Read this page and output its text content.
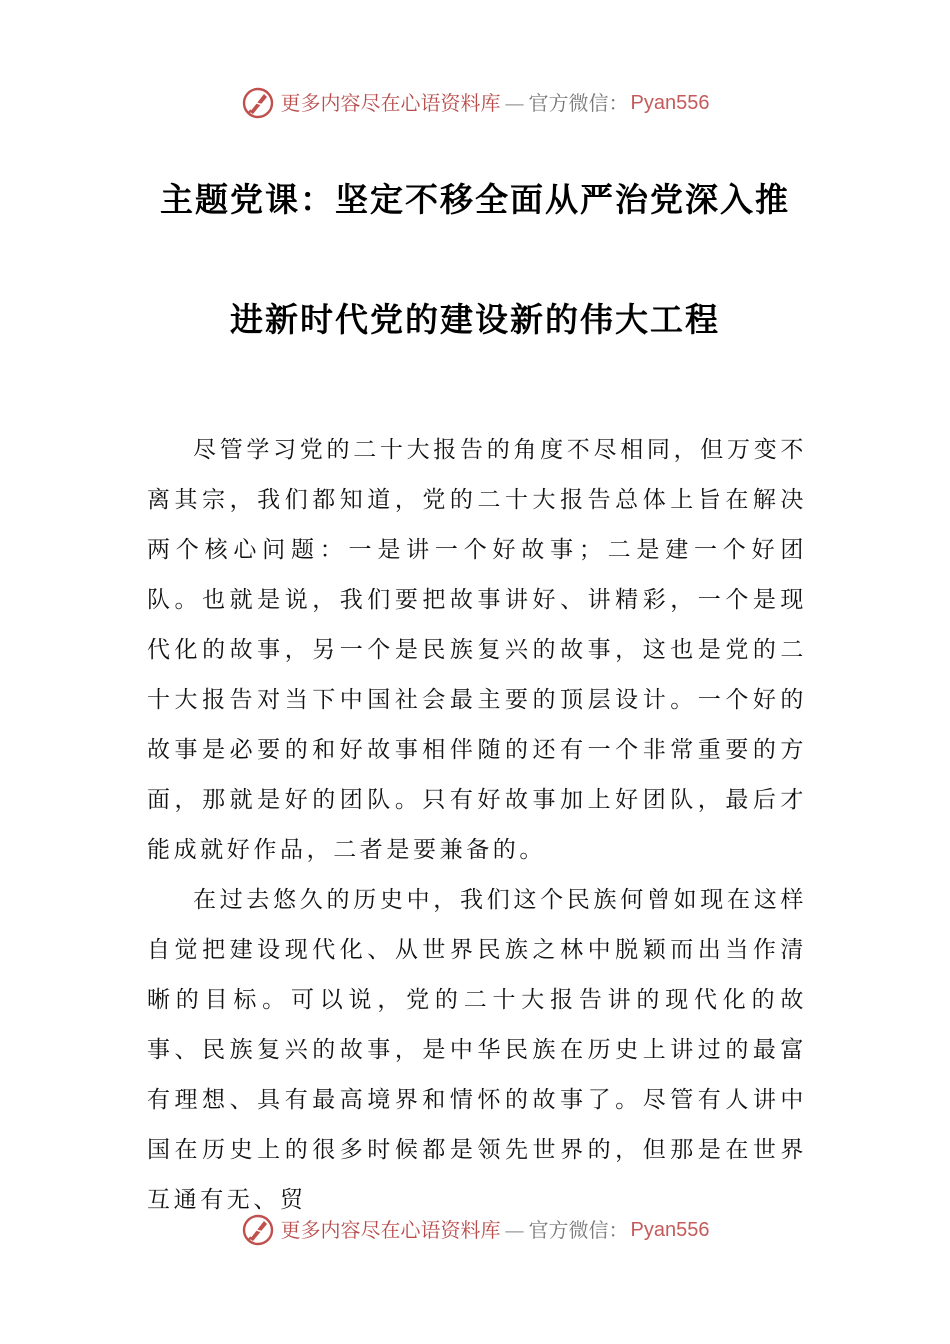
更多内容尽在心语资料库 — 官方微信： Pyan556
主题党课：坚定不移全面从严治党深入推
进新时代党的建设新的伟大工程

尽管学习党的二十大报告的角度不尽相同，但万变不离其宗，我们都知道，党的二十大报告总体上旨在解决两个核心问题：一是讲一个好故事；二是建一个好团队。也就是说，我们要把故事讲好、讲精彩，一个是现代化的故事，另一个是民族复兴的故事，这也是党的二十大报告对当下中国社会最主要的顶层设计。一个好的故事是必要的和好故事相伴随的还有一个非常重要的方面，那就是好的团队。只有好故事加上好团队，最后才能成就好作品，二者是要兼备的。

在过去悠久的历史中，我们这个民族何曾如现在这样自觉把建设现代化、从世界民族之林中脱颖而出当作清晰的目标。可以说，党的二十大报告讲的现代化的故事、民族复兴的故事，是中华民族在历史上讲过的最富有理想、具有最高境界和情怀的故事了。尽管有人讲中国在历史上的很多时候都是领先世界的，但那是在世界互通有无、贸

更多内容尽在心语资料库 — 官方微信： Pyan556
